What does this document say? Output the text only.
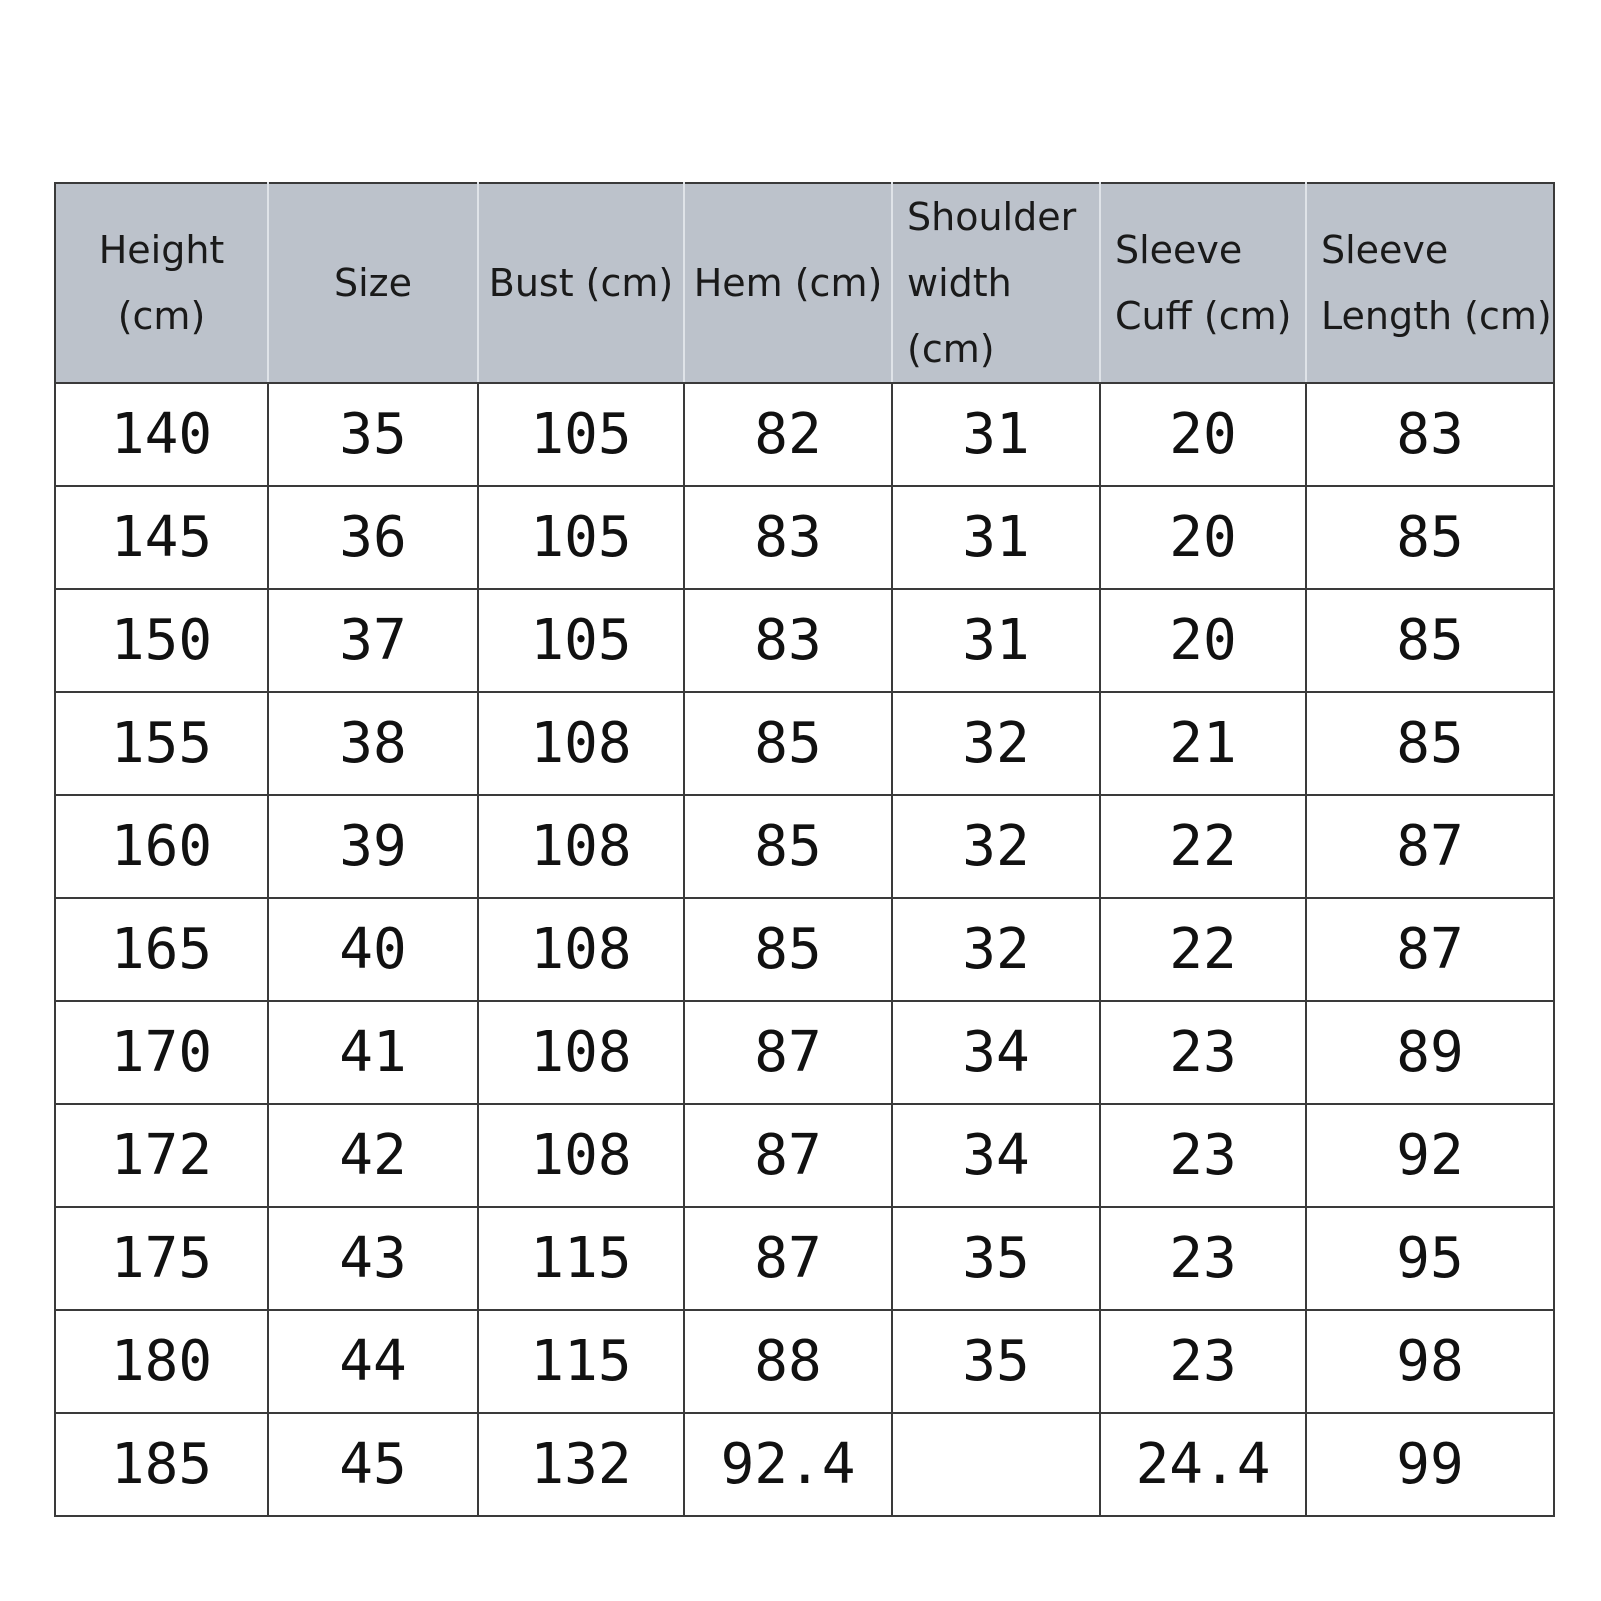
Height (cm)	Size	Bust (cm)	Hem (cm)	Shoulder width (cm)	Sleeve Cuff (cm)	Sleeve Length (cm)
140	35	105	82	31	20	83
145	36	105	83	31	20	85
150	37	105	83	31	20	85
155	38	108	85	32	21	85
160	39	108	85	32	22	87
165	40	108	85	32	22	87
170	41	108	87	34	23	89
172	42	108	87	34	23	92
175	43	115	87	35	23	95
180	44	115	88	35	23	98
185	45	132	92.4		24.4	99
